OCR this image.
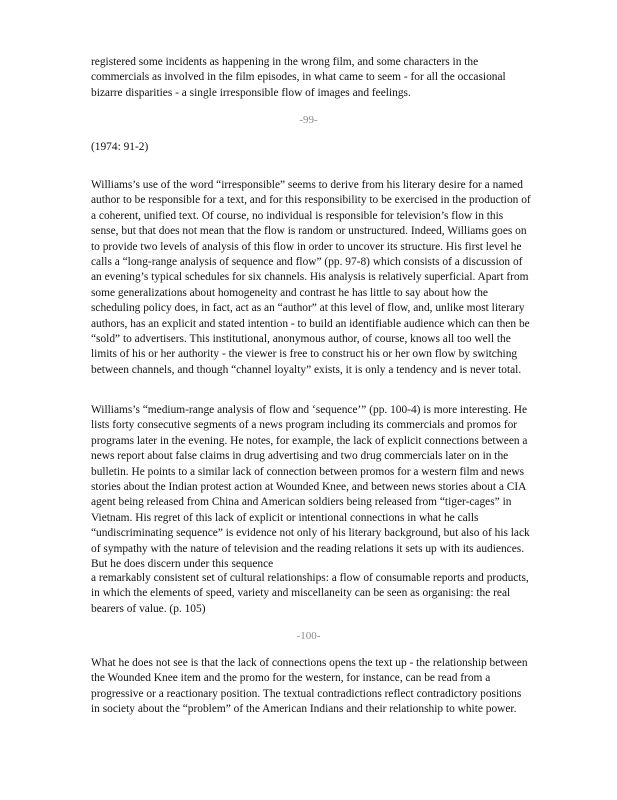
registered some incidents as happening in the wrong film, and some characters in the commercials as involved in the film episodes, in what came to seem - for all the occasional bizarre disparities - a single irresponsible flow of images and feelings.

-99-

(1974: 91-2)

Williams’s use of the word “irresponsible” seems to derive from his literary desire for a named author to be responsible for a text, and for this responsibility to be exercised in the production of a coherent, unified text. Of course, no individual is responsible for television’s flow in this sense, but that does not mean that the flow is random or unstructured. Indeed, Williams goes on to provide two levels of analysis of this flow in order to uncover its structure. His first level he calls a “long-range analysis of sequence and flow” (pp. 97-8) which consists of a discussion of an evening’s typical schedules for six channels. His analysis is relatively superficial. Apart from some generalizations about homogeneity and contrast he has little to say about how the scheduling policy does, in fact, act as an “author” at this level of flow, and, unlike most literary authors, has an explicit and stated intention - to build an identifiable audience which can then be “sold” to advertisers. This institutional, anonymous author, of course, knows all too well the limits of his or her authority - the viewer is free to construct his or her own flow by switching between channels, and though “channel loyalty” exists, it is only a tendency and is never total.

Williams’s “medium-range analysis of flow and ‘sequence’” (pp. 100-4) is more interesting. He lists forty consecutive segments of a news program including its commercials and promos for programs later in the evening. He notes, for example, the lack of explicit connections between a news report about false claims in drug advertising and two drug commercials later on in the bulletin. He points to a similar lack of connection between promos for a western film and news stories about the Indian protest action at Wounded Knee, and between news stories about a CIA agent being released from China and American soldiers being released from “tiger-cages” in Vietnam. His regret of this lack of explicit or intentional connections in what he calls “undiscriminating sequence” is evidence not only of his literary background, but also of his lack of sympathy with the nature of television and the reading relations it sets up with its audiences. But he does discern under this sequence

a remarkably consistent set of cultural relationships: a flow of consumable reports and products, in which the elements of speed, variety and miscellaneity can be seen as organising: the real bearers of value. (p. 105)

-100-

What he does not see is that the lack of connections opens the text up - the relationship between the Wounded Knee item and the promo for the western, for instance, can be read from a progressive or a reactionary position. The textual contradictions reflect contradictory positions in society about the “problem” of the American Indians and their relationship to white power.
